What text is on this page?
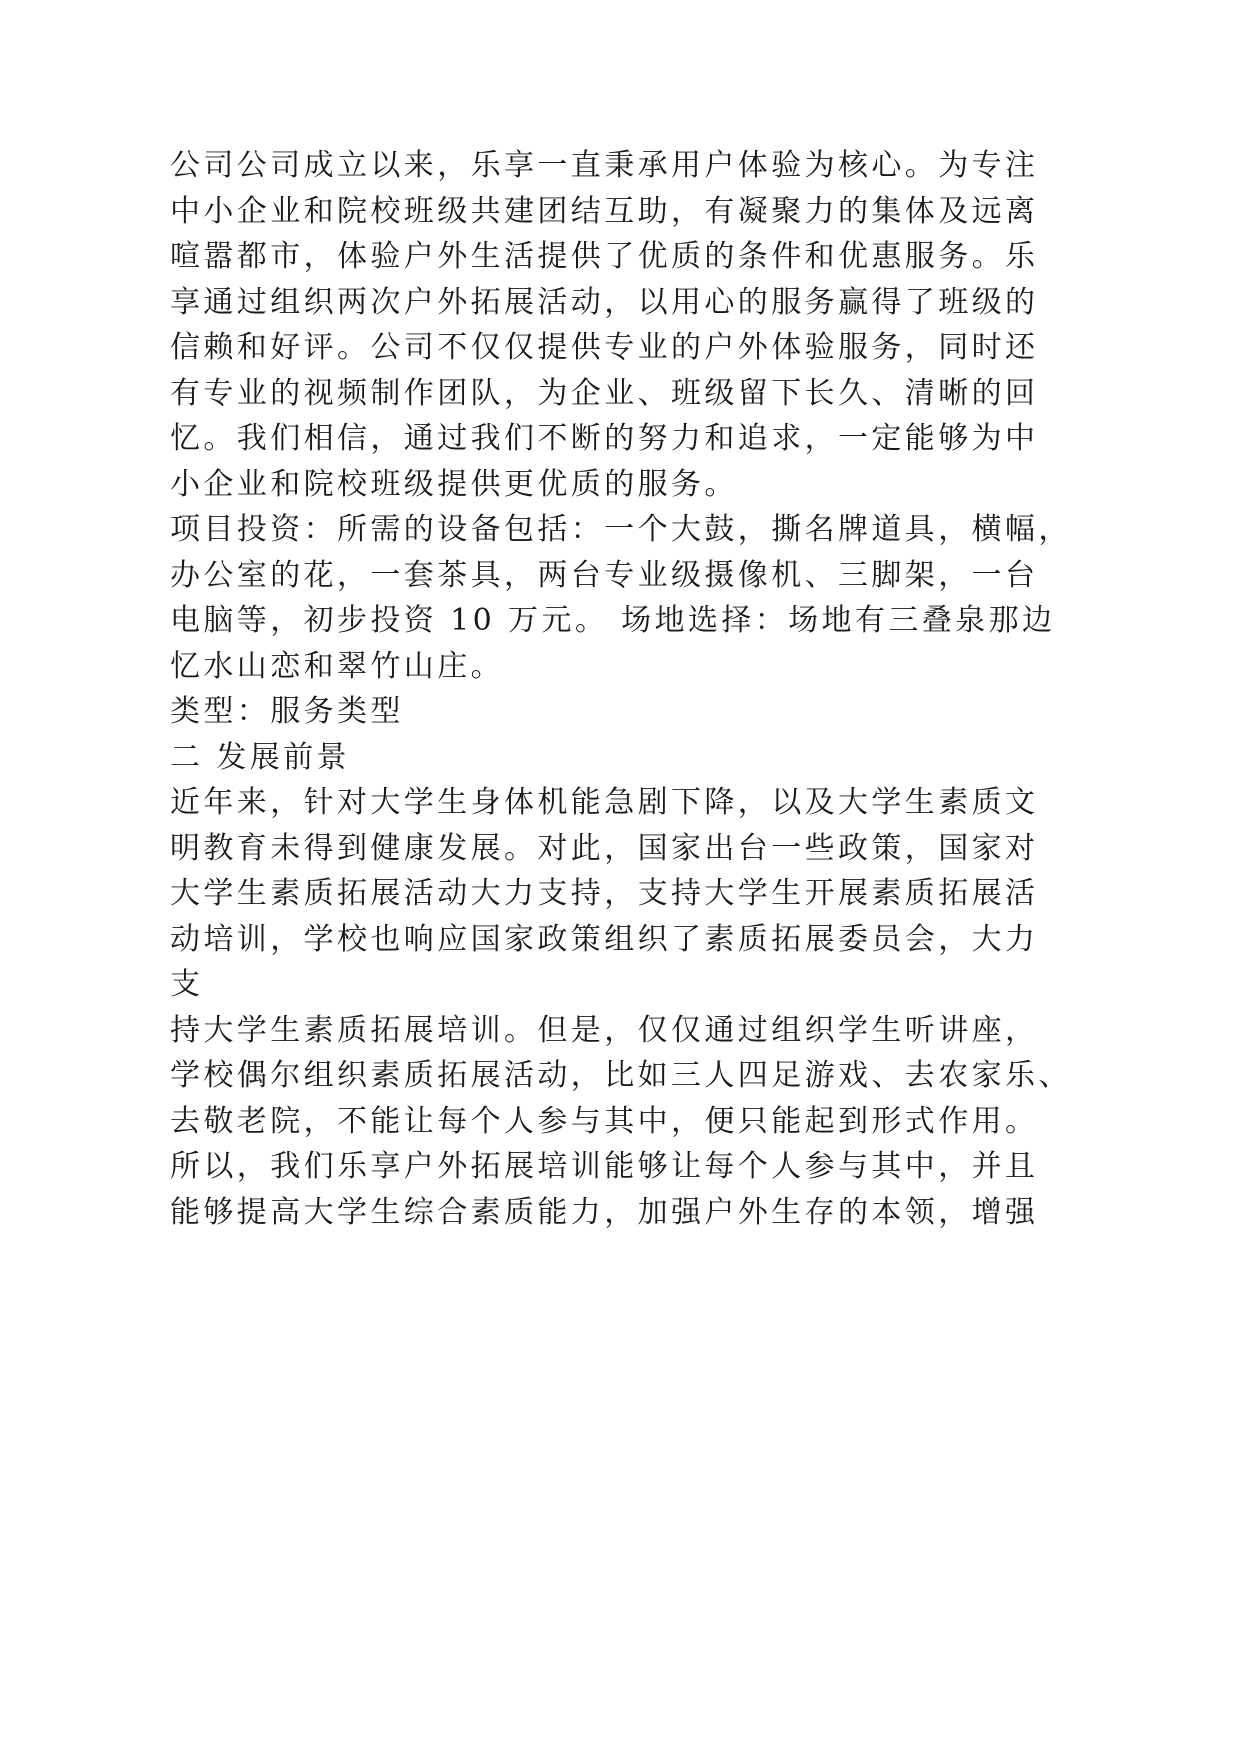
公司公司成立以来，乐享一直秉承用户体验为核心。为专注
中小企业和院校班级共建团结互助，有凝聚力的集体及远离
喧嚣都市，体验户外生活提供了优质的条件和优惠服务。乐
享通过组织两次户外拓展活动，以用心的服务赢得了班级的
信赖和好评。公司不仅仅提供专业的户外体验服务，同时还
有专业的视频制作团队，为企业、班级留下长久、清晰的回
忆。我们相信，通过我们不断的努力和追求，一定能够为中
小企业和院校班级提供更优质的服务。
项目投资：所需的设备包括：一个大鼓，撕名牌道具，横幅，
办公室的花，一套茶具，两台专业级摄像机、三脚架，一台
电脑等，初步投资 10 万元。 场地选择：场地有三叠泉那边
忆水山恋和翠竹山庄。
类型：服务类型
二 发展前景
近年来，针对大学生身体机能急剧下降，以及大学生素质文
明教育未得到健康发展。对此，国家出台一些政策，国家对
大学生素质拓展活动大力支持，支持大学生开展素质拓展活
动培训，学校也响应国家政策组织了素质拓展委员会，大力
支
持大学生素质拓展培训。但是，仅仅通过组织学生听讲座，
学校偶尔组织素质拓展活动，比如三人四足游戏、去农家乐、
去敬老院，不能让每个人参与其中，便只能起到形式作用。
所以，我们乐享户外拓展培训能够让每个人参与其中，并且
能够提高大学生综合素质能力，加强户外生存的本领，增强
